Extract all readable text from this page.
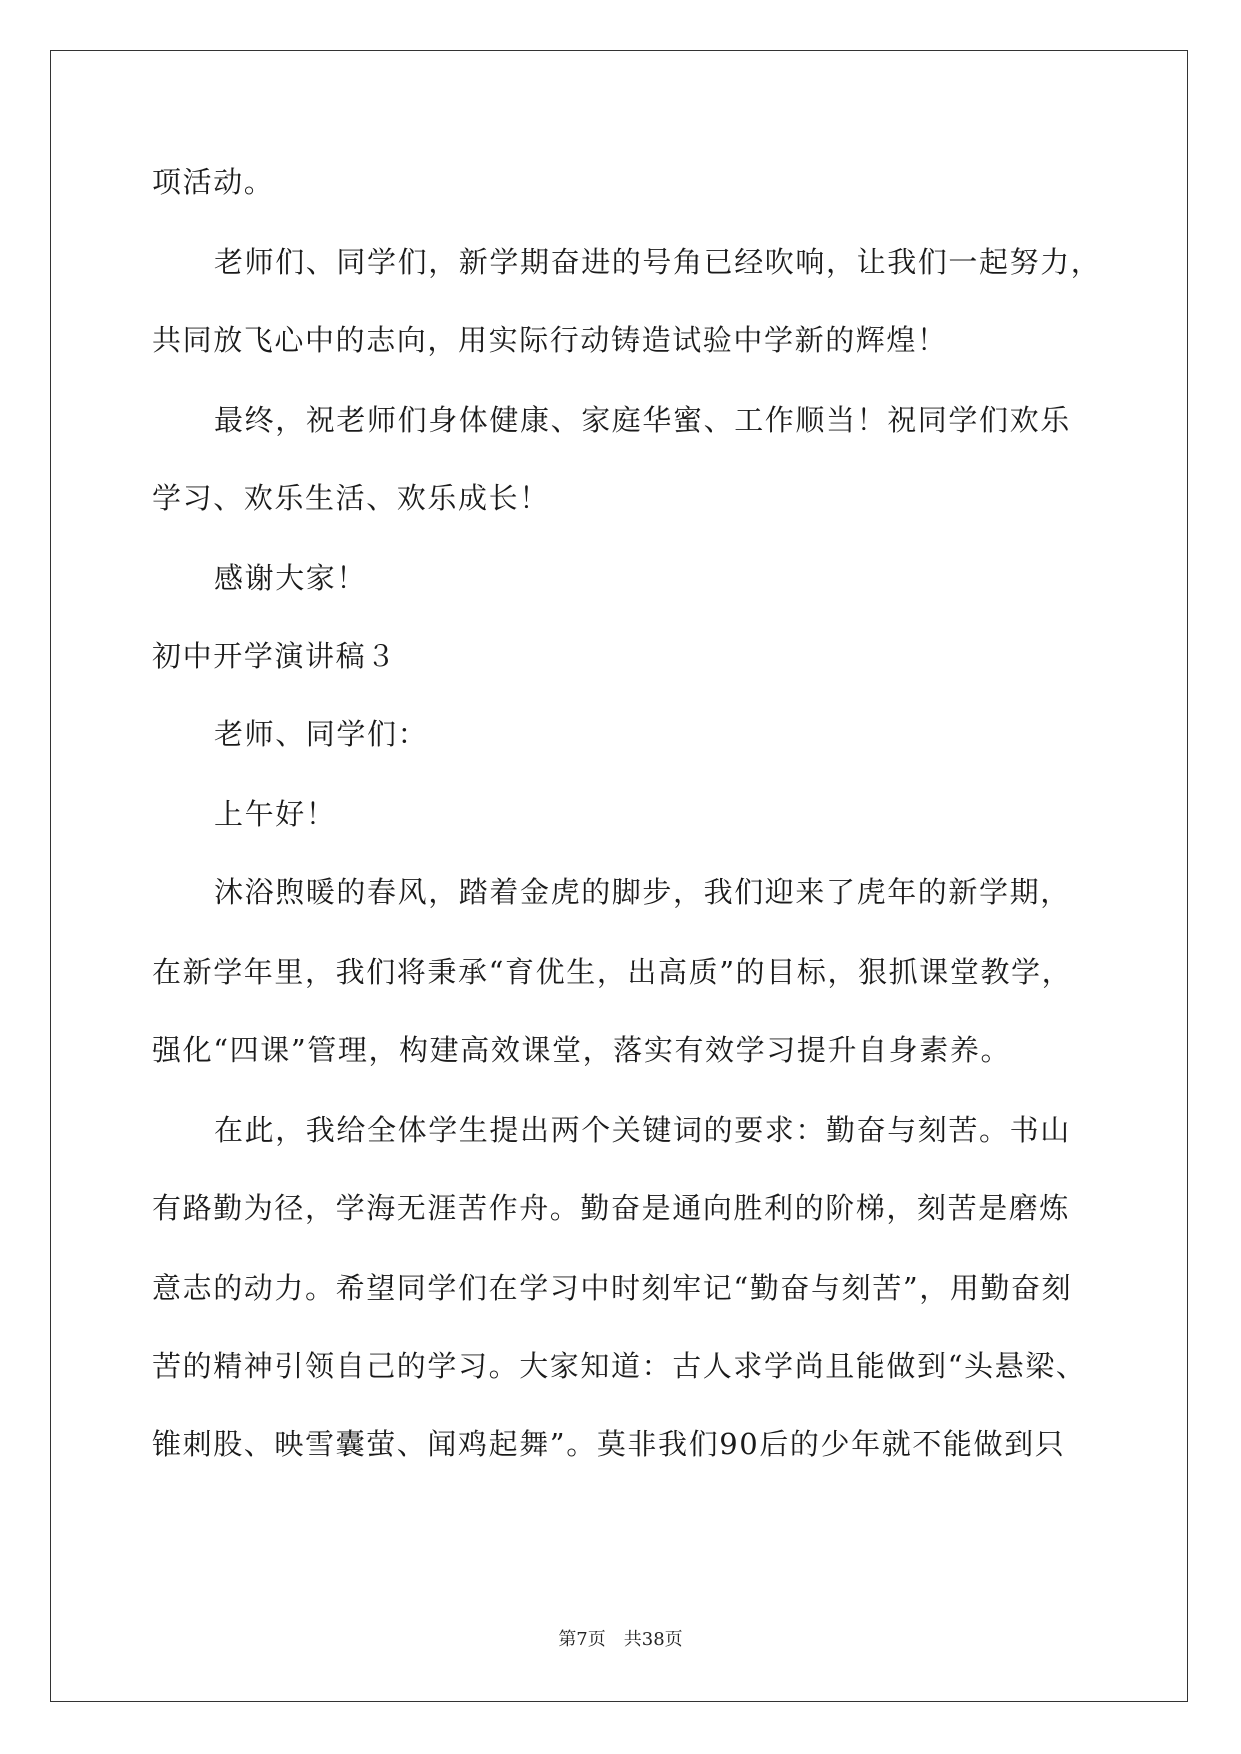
项活动。
老师们、同学们，新学期奋进的号角已经吹响，让我们一起努力，
共同放飞心中的志向，用实际行动铸造试验中学新的辉煌！
最终，祝老师们身体健康、家庭华蜜、工作顺当！祝同学们欢乐
学习、欢乐生活、欢乐成长！
感谢大家！
初中开学演讲稿３
老师、同学们：
上午好！
沐浴煦暖的春风，踏着金虎的脚步，我们迎来了虎年的新学期，
在新学年里，我们将秉承“育优生，出高质”的目标，狠抓课堂教学，
强化“四课”管理，构建高效课堂，落实有效学习提升自身素养。
在此，我给全体学生提出两个关键词的要求：勤奋与刻苦。书山
有路勤为径，学海无涯苦作舟。勤奋是通向胜利的阶梯，刻苦是磨炼
意志的动力。希望同学们在学习中时刻牢记“勤奋与刻苦”，用勤奋刻
苦的精神引领自己的学习。大家知道：古人求学尚且能做到“头悬梁、
锥刺股、映雪囊萤、闻鸡起舞”。莫非我们90后的少年就不能做到只
第7页　共38页
